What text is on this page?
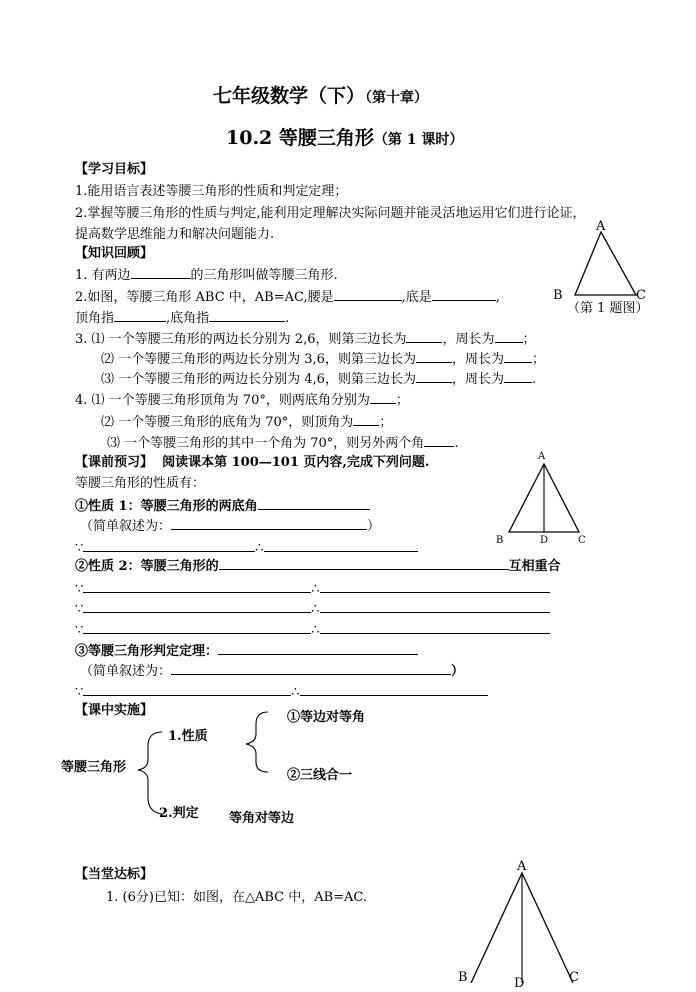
七年级数学（下）（第十章）
10.2 等腰三角形（第 1 课时）
【学习目标】
1.能用语言表述等腰三角形的性质和判定定理；
2.掌握等腰三角形的性质与判定,能利用定理解决实际问题并能灵活地运用它们进行论证，
提高数学思维能力和解决问题能力.
【知识回顾】
1. 有两边	的三角形叫做等腰三角形.
2.如图，等腰三角形 ABC 中，AB=AC,腰是	,底是	,
顶角指	,底角指	.
3. ⑴ 一个等腰三角形的两边长分别为 2,6，则第三边长为	，周长为 ；
⑵ 一个等腰三角形的两边长分别为 3,6，则第三边长为	，周长为 ；
⑶ 一个等腰三角形的两边长分别为 4,6，则第三边长为	，周长为 .
4. ⑴ 一个等腰三角形顶角为 70°，则两底角分别为 ；
⑵ 一个等腰三角形的底角为 70°，则顶角为 ；
⑶ 一个等腰三角形的其中一个角为 70°，则另外两个角 .
A
B	C
（第 1 题图）
【课前预习】 阅读课本第 100—101 页内容,完成下列问题.
等腰三角形的性质有：
①性质 1：等腰三角形的两底角
（简单叙述为：	）
∵	∴
②性质 2：等腰三角形的	互相重合
∵	∴
∵	∴
∵	∴
③等腰三角形判定定理：
（简单叙述为：	）
∵	∴
A
B	D	C
【课中实施】
等腰三角形
1.性质
2.判定
①等边对等角
②三线合一
等角对等边
【当堂达标】
1. (6分)已知：如图，在△ABC 中，AB=AC.
A
B	D	C
